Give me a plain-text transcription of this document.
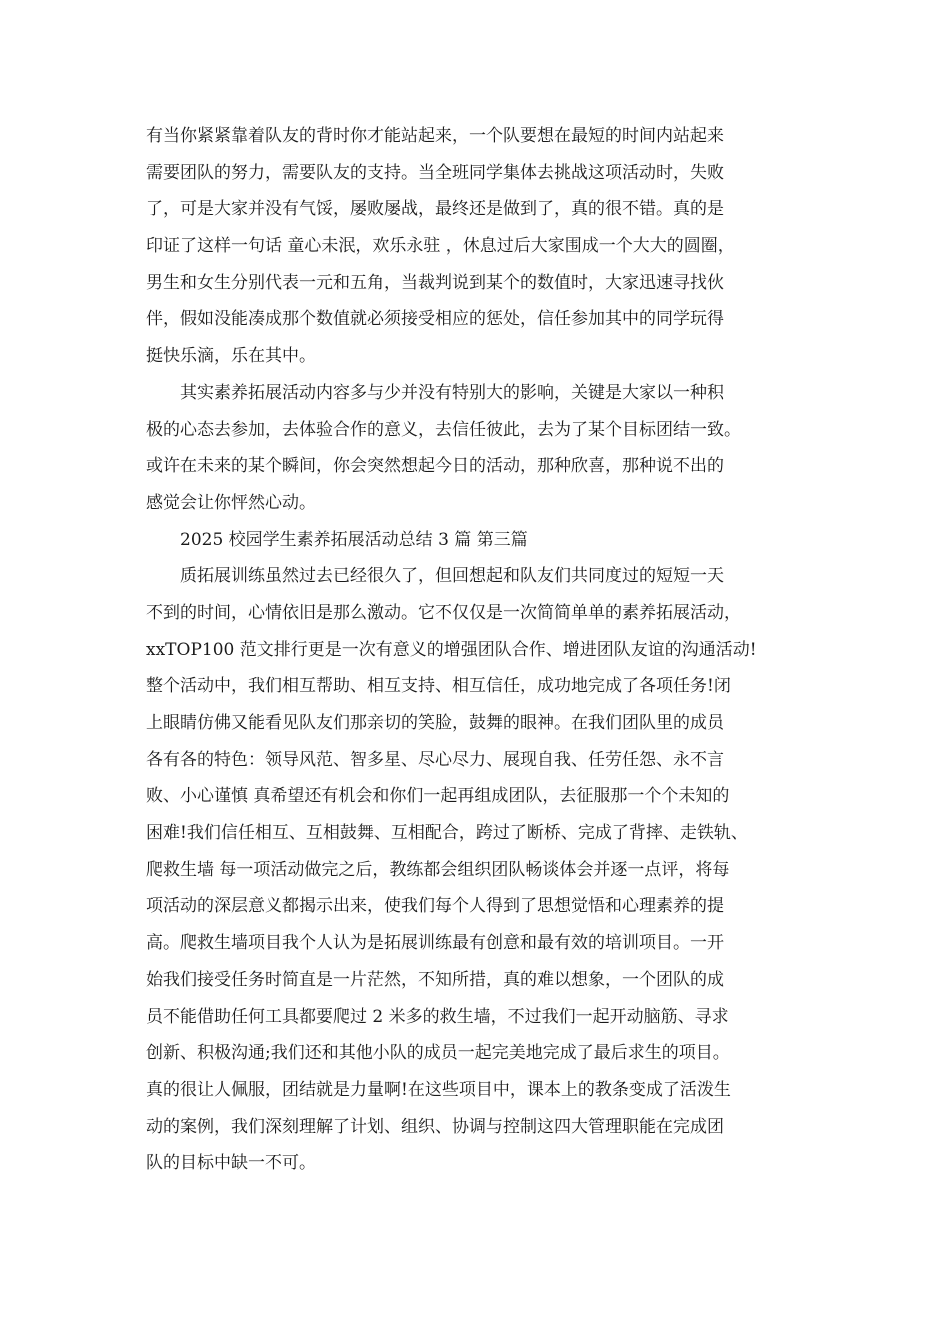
有当你紧紧靠着队友的背时你才能站起来，一个队要想在最短的时间内站起来
需要团队的努力，需要队友的支持。当全班同学集体去挑战这项活动时，失败
了，可是大家并没有气馁，屡败屡战，最终还是做到了，真的很不错。真的是
印证了这样一句话 童心未泯，欢乐永驻 ，休息过后大家围成一个大大的圆圈，
男生和女生分别代表一元和五角，当裁判说到某个的数值时，大家迅速寻找伙
伴，假如没能凑成那个数值就必须接受相应的惩处，信任参加其中的同学玩得
挺快乐滴，乐在其中。
其实素养拓展活动内容多与少并没有特别大的影响，关键是大家以一种积
极的心态去参加，去体验合作的意义，去信任彼此，去为了某个目标团结一致。
或许在未来的某个瞬间，你会突然想起今日的活动，那种欣喜，那种说不出的
感觉会让你怦然心动。
2025 校园学生素养拓展活动总结 3 篇 第三篇
质拓展训练虽然过去已经很久了，但回想起和队友们共同度过的短短一天
不到的时间，心情依旧是那么激动。它不仅仅是一次简简单单的素养拓展活动，
xxTOP100 范文排行更是一次有意义的增强团队合作、增进团队友谊的沟通活动!
整个活动中，我们相互帮助、相互支持、相互信任，成功地完成了各项任务!闭
上眼睛仿佛又能看见队友们那亲切的笑脸，鼓舞的眼神。在我们团队里的成员
各有各的特色：领导风范、智多星、尽心尽力、展现自我、任劳任怨、永不言
败、小心谨慎 真希望还有机会和你们一起再组成团队，去征服那一个个未知的
困难!我们信任相互、互相鼓舞、互相配合，跨过了断桥、完成了背摔、走铁轨、
爬救生墙 每一项活动做完之后，教练都会组织团队畅谈体会并逐一点评，将每
项活动的深层意义都揭示出来，使我们每个人得到了思想觉悟和心理素养的提
高。爬救生墙项目我个人认为是拓展训练最有创意和最有效的培训项目。一开
始我们接受任务时简直是一片茫然，不知所措，真的难以想象，一个团队的成
员不能借助任何工具都要爬过 2 米多的救生墙，不过我们一起开动脑筋、寻求
创新、积极沟通;我们还和其他小队的成员一起完美地完成了最后求生的项目。
真的很让人佩服，团结就是力量啊!在这些项目中，课本上的教条变成了活泼生
动的案例，我们深刻理解了计划、组织、协调与控制这四大管理职能在完成团
队的目标中缺一不可。
